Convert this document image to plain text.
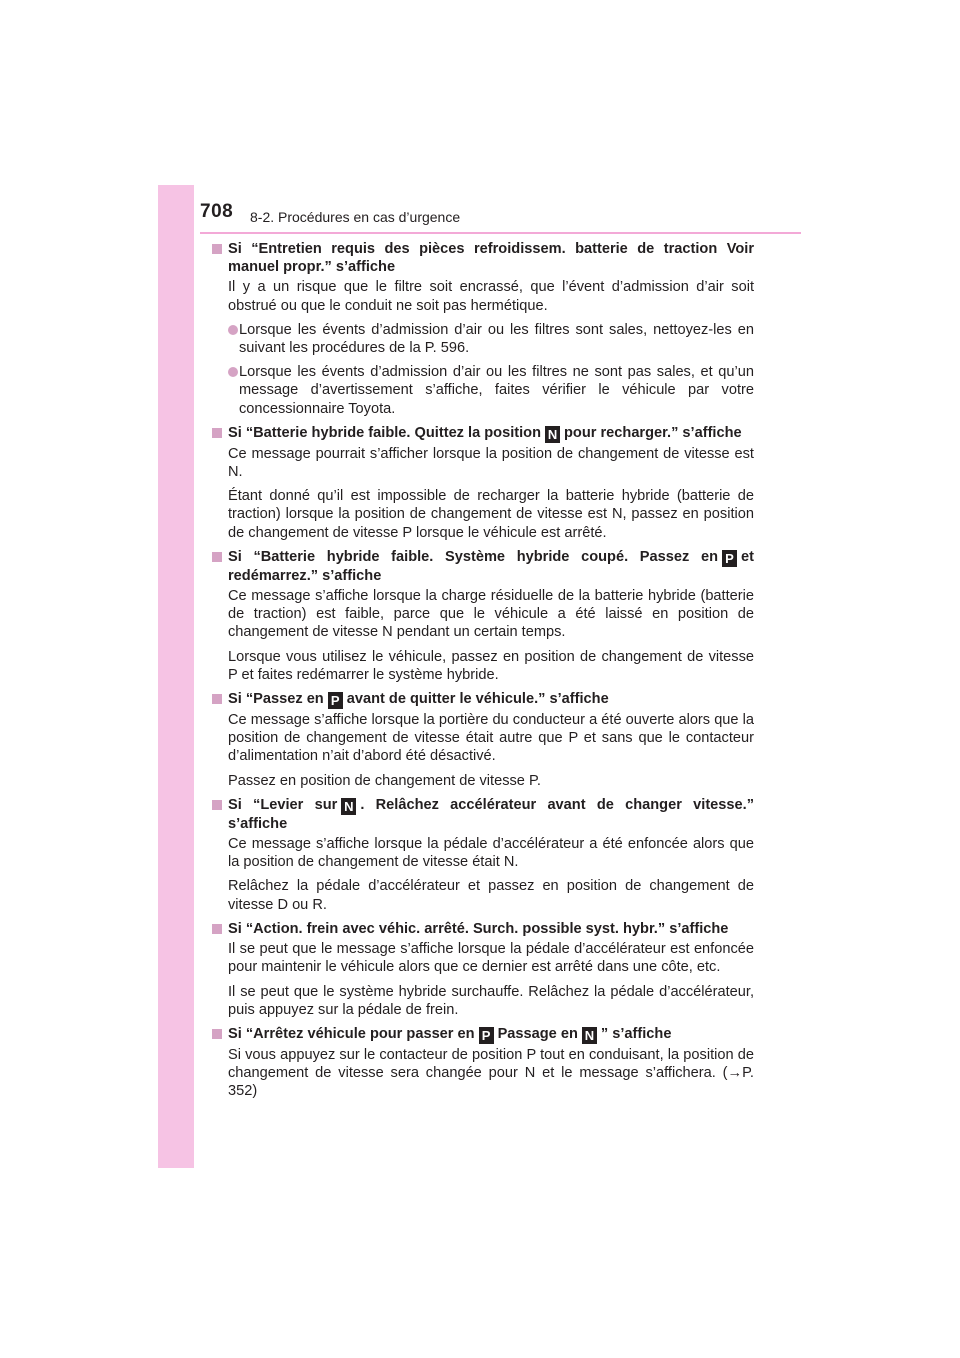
708 8-2. Procédures en cas d’urgence
Si “Entretien requis des pièces refroidissem. batterie de traction Voir manuel propr.” s’affiche
Il y a un risque que le filtre soit encrassé, que l’évent d’admission d’air soit obstrué ou que le conduit ne soit pas hermétique.
Lorsque les évents d’admission d’air ou les filtres sont sales, nettoyez-les en suivant les procédures de la P. 596.
Lorsque les évents d’admission d’air ou les filtres ne sont pas sales, et qu’un message d’avertissement s’affiche, faites vérifier le véhicule par votre concessionnaire Toyota.
Si “Batterie hybride faible. Quittez la position N pour recharger.” s’affiche
Ce message pourrait s’afficher lorsque la position de changement de vitesse est N.
Étant donné qu’il est impossible de recharger la batterie hybride (batterie de traction) lorsque la position de changement de vitesse est N, passez en position de changement de vitesse P lorsque le véhicule est arrêté.
Si “Batterie hybride faible. Système hybride coupé. Passez en P et redémarrez.” s’affiche
Ce message s’affiche lorsque la charge résiduelle de la batterie hybride (batterie de traction) est faible, parce que le véhicule a été laissé en position de changement de vitesse N pendant un certain temps.
Lorsque vous utilisez le véhicule, passez en position de changement de vitesse P et faites redémarrer le système hybride.
Si “Passez en P avant de quitter le véhicule.” s’affiche
Ce message s’affiche lorsque la portière du conducteur a été ouverte alors que la position de changement de vitesse était autre que P et sans que le contacteur d’alimentation n’ait d’abord été désactivé.
Passez en position de changement de vitesse P.
Si “Levier sur N . Relâchez accélérateur avant de changer vitesse.” s’affiche
Ce message s’affiche lorsque la pédale d’accélérateur a été enfoncée alors que la position de changement de vitesse était N.
Relâchez la pédale d’accélérateur et passez en position de changement de vitesse D ou R.
Si “Action. frein avec véhic. arrêté. Surch. possible syst. hybr.” s’affiche
Il se peut que le message s’affiche lorsque la pédale d’accélérateur est enfoncée pour maintenir le véhicule alors que ce dernier est arrêté dans une côte, etc.
Il se peut que le système hybride surchauffe. Relâchez la pédale d’accélérateur, puis appuyez sur la pédale de frein.
Si “Arrêtez véhicule pour passer en P Passage en N ” s’affiche
Si vous appuyez sur le contacteur de position P tout en conduisant, la position de changement de vitesse sera changée pour N et le message s’affichera. (→P. 352)
